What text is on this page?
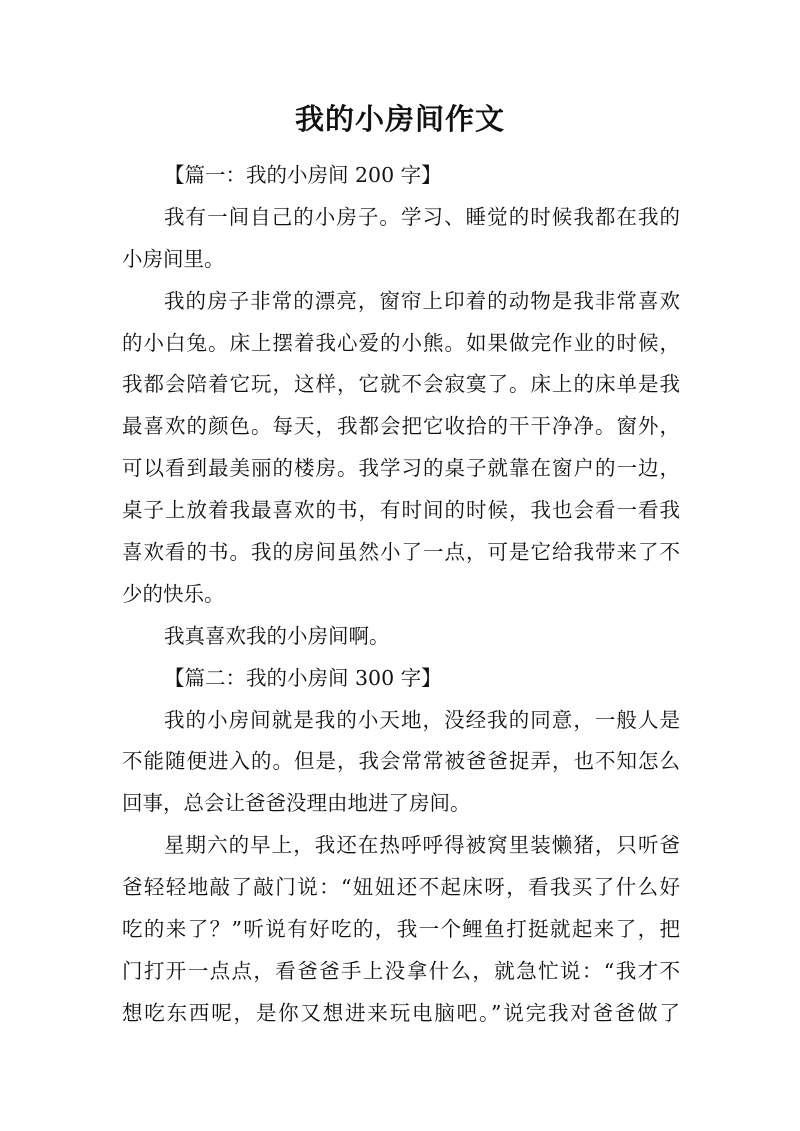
我的小房间作文
【篇一：我的小房间 200 字】
我有一间自己的小房子。学习、睡觉的时候我都在我的
小房间里。
我的房子非常的漂亮，窗帘上印着的动物是我非常喜欢
的小白兔。床上摆着我心爱的小熊。如果做完作业的时候，
我都会陪着它玩，这样，它就不会寂寞了。床上的床单是我
最喜欢的颜色。每天，我都会把它收拾的干干净净。窗外，
可以看到最美丽的楼房。我学习的桌子就靠在窗户的一边，
桌子上放着我最喜欢的书，有时间的时候，我也会看一看我
喜欢看的书。我的房间虽然小了一点，可是它给我带来了不
少的快乐。
我真喜欢我的小房间啊。
【篇二：我的小房间 300 字】
我的小房间就是我的小天地，没经我的同意，一般人是
不能随便进入的。但是，我会常常被爸爸捉弄，也不知怎么
回事，总会让爸爸没理由地进了房间。
星期六的早上，我还在热呼呼得被窝里装懒猪，只听爸
爸轻轻地敲了敲门说：“妞妞还不起床呀，看我买了什么好
吃的来了？”听说有好吃的，我一个鲤鱼打挺就起来了，把
门打开一点点，看爸爸手上没拿什么，就急忙说：“我才不
想吃东西呢，是你又想进来玩电脑吧。”说完我对爸爸做了
